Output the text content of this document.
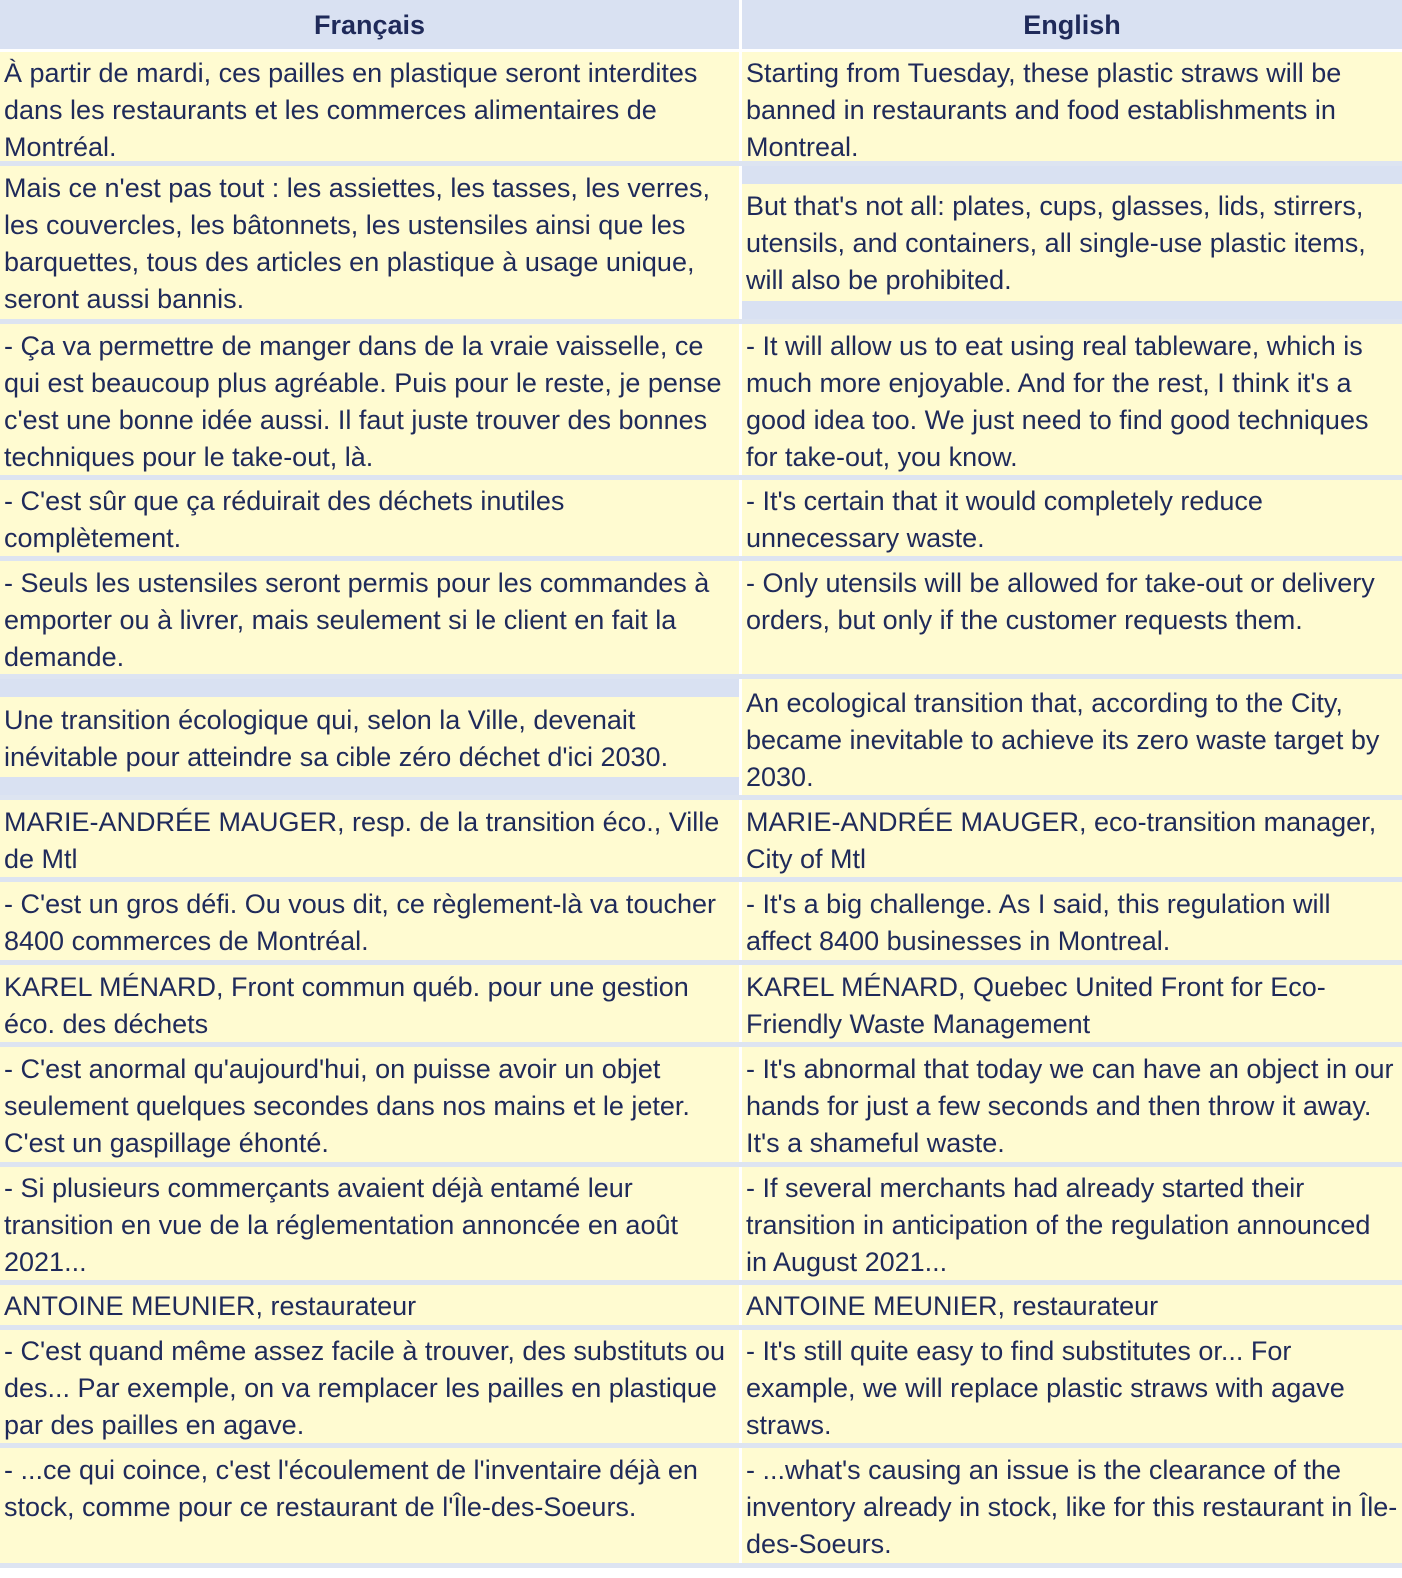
Français	English
À partir de mardi, ces pailles en plastique seront interdites dans les restaurants et les commerces alimentaires de Montréal.
Starting from Tuesday, these plastic straws will be banned in restaurants and food establishments in Montreal.
Mais ce n'est pas tout : les assiettes, les tasses, les verres, les couvercles, les bâtonnets, les ustensiles ainsi que les barquettes, tous des articles en plastique à usage unique, seront aussi bannis.
But that's not all: plates, cups, glasses, lids, stirrers, utensils, and containers, all single-use plastic items, will also be prohibited.
- Ça va permettre de manger dans de la vraie vaisselle, ce qui est beaucoup plus agréable. Puis pour le reste, je pense c'est une bonne idée aussi. Il faut juste trouver des bonnes techniques pour le take-out, là.
- It will allow us to eat using real tableware, which is much more enjoyable. And for the rest, I think it's a good idea too. We just need to find good techniques for take-out, you know.
- C'est sûr que ça réduirait des déchets inutiles complètement.
- It's certain that it would completely reduce unnecessary waste.
- Seuls les ustensiles seront permis pour les commandes à emporter ou à livrer, mais seulement si le client en fait la demande.
- Only utensils will be allowed for take-out or delivery orders, but only if the customer requests them.
Une transition écologique qui, selon la Ville, devenait inévitable pour atteindre sa cible zéro déchet d'ici 2030.
An ecological transition that, according to the City, became inevitable to achieve its zero waste target by 2030.
MARIE-ANDRÉE MAUGER, resp. de la transition éco., Ville de Mtl
MARIE-ANDRÉE MAUGER, eco-transition manager, City of Mtl
- C'est un gros défi. Ou vous dit, ce règlement-là va toucher 8400 commerces de Montréal.
- It's a big challenge. As I said, this regulation will affect 8400 businesses in Montreal.
KAREL MÉNARD, Front commun québ. pour une gestion éco. des déchets
KAREL MÉNARD, Quebec United Front for Eco-Friendly Waste Management
- C'est anormal qu'aujourd'hui, on puisse avoir un objet seulement quelques secondes dans nos mains et le jeter. C'est un gaspillage éhonté.
- It's abnormal that today we can have an object in our hands for just a few seconds and then throw it away. It's a shameful waste.
- Si plusieurs commerçants avaient déjà entamé leur transition en vue de la réglementation annoncée en août 2021...
- If several merchants had already started their transition in anticipation of the regulation announced in August 2021...
ANTOINE MEUNIER, restaurateur	ANTOINE MEUNIER, restaurateur
- C'est quand même assez facile à trouver, des substituts ou des... Par exemple, on va remplacer les pailles en plastique par des pailles en agave.
- It's still quite easy to find substitutes or... For example, we will replace plastic straws with agave straws.
- ...ce qui coince, c'est l'écoulement de l'inventaire déjà en stock, comme pour ce restaurant de l'Île-des-Soeurs.
- ...what's causing an issue is the clearance of the inventory already in stock, like for this restaurant in Île-des-Soeurs.
